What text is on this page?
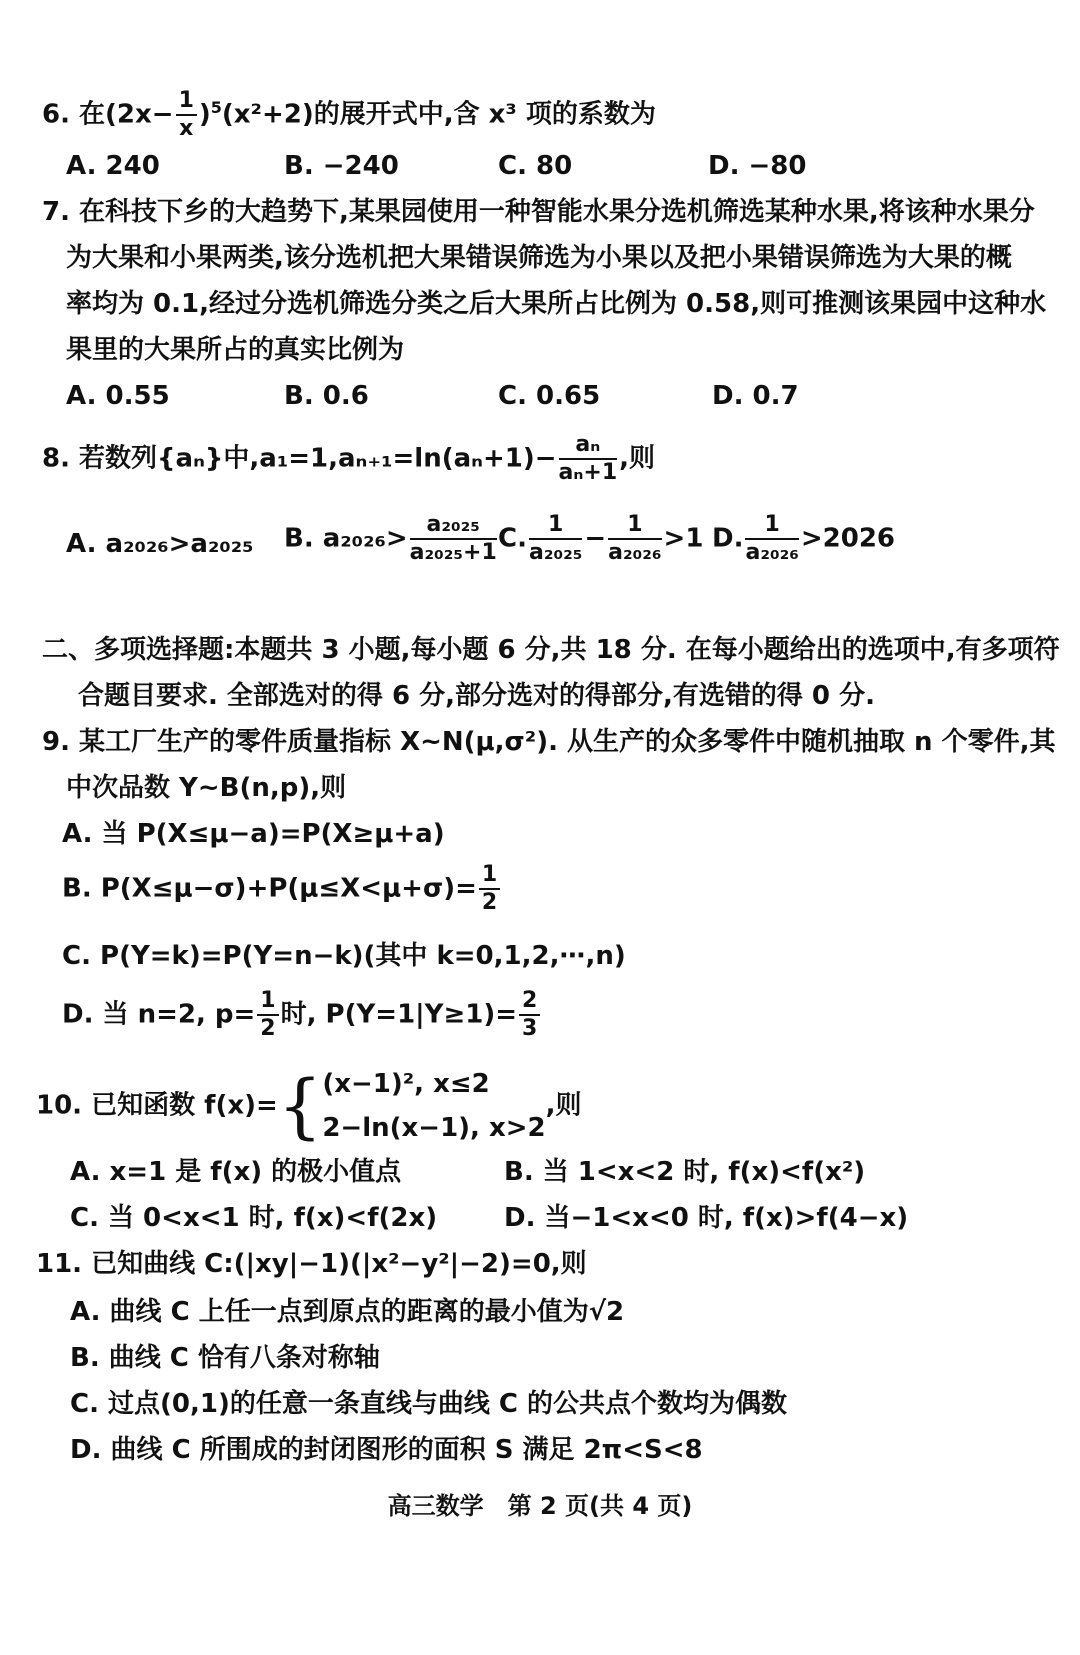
6. 在$(2x- \frac{1}{x} )^5(x^2+2)$的展开式中,含 x³ 项的系数为
A. 240	B. −240	C. 80	D. −80
7. 在科技下乡的大趋势下,某果园使用一种智能水果分选机筛选某种水果,将该种水果分
为大果和小果两类,该分选机把大果错误筛选为小果以及把小果错误筛选为大果的概
率均为 0.1,经过分选机筛选分类之后大果所占比例为 0.58,则可推测该果园中这种水
果里的大果所占的真实比例为
A. 0.55	B. 0.6	C. 0.65	D. 0.7
8. 若数列{aₙ}中$,a_1=1,a_{n+1}=\ln(a_n+1)- \frac{\text{aₙ}}{\text{aₙ+1}}$ ,则
A. a₂₀₂₆>a₂₀₂₅ B. $a_{2026}> \frac{\text{a₂₀₂₅}}{\text{a₂₀₂₅+1}} C$. $\frac{1}{\text{a₂₀₂₅}} - \frac{1}{\text{a₂₀₂₆}} >1$ D. $\frac{1}{\text{a₂₀₂₆}} >2026$
二、多项选择题:本题共 3 小题,每小题 6 分,共 18 分. 在每小题给出的选项中,有多项符
合题目要求. 全部选对的得 6 分,部分选对的得部分,有选错的得 0 分.
9. 某工厂生产的零件质量指标 X~N(μ,σ²). 从生产的众多零件中随机抽取 n 个零件,其
中次品数 Y~B(n,p),则
A. 当 P(X≤μ−a)=P(X≥μ+a)
B. $P(X\le\mu-\sigma)+P(\mu\le X<\mu+\sigma)= \frac{1}{2}$
C. P(Y=k)=P(Y=n−k)(其中 k=0,1,2,⋯,n)
D. 当 n=2, $p= \frac{1}{2}$ 时, $P(Y=1|Y\ge 1)= \frac{2}{3}$
10. 已知函数 f(x)={ (x−1)², x≤2
2−ln(x−1), x>2
,则
A. x=1 是 f(x) 的极小值点	B. 当 1<x<2 时, f(x)<f(x²)
C. 当 0<x<1 时, f(x)<f(2x)	D. 当−1<x<0 时, f(x)>f(4−x)
11. 已知曲线 C:(|xy|−1)(|x²−y²|−2)=0,则
A. 曲线 C 上任一点到原点的距离的最小值为√2
B. 曲线 C 恰有八条对称轴
C. 过点(0,1)的任意一条直线与曲线 C 的公共点个数均为偶数
D. 曲线 C 所围成的封闭图形的面积 S 满足 2π<S<8
高三数学　第 2 页(共 4 页)
